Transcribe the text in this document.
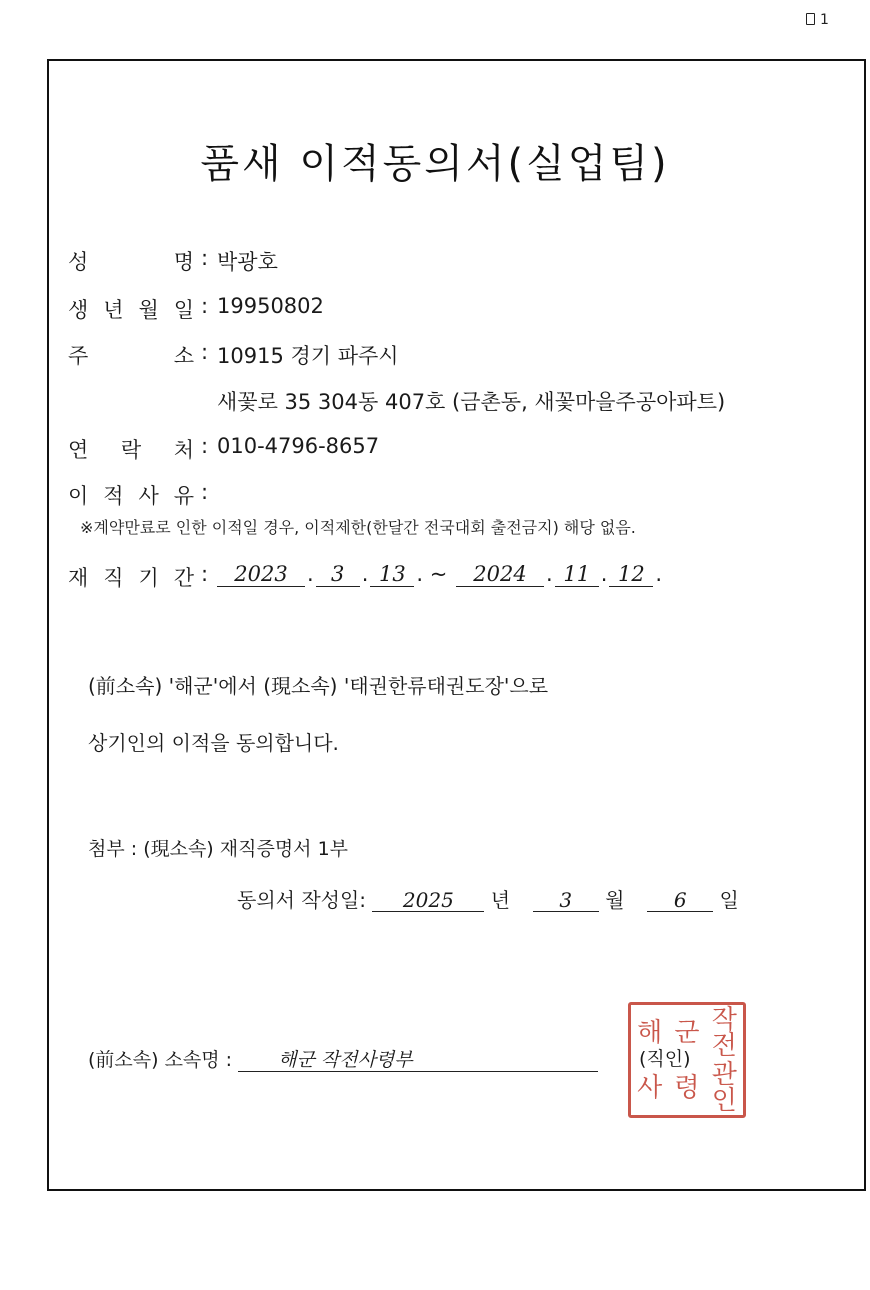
1
품새 이적동의서(실업팀)
성	명 : 박광호
생 년 월 일 : 19950802
주	소 : 10915 경기 파주시
새꽃로 35 304동 407호 (금촌동, 새꽃마을주공아파트)
연 락 처 : 010-4796-8657
이 적 사 유 :
※계약만료로 인한 이적일 경우, 이적제한(한달간 전국대회 출전금지) 해당 없음.
재 직 기 간 :	2023 . 3 . 13 . ~ 2024 . 11 . 12 .
(前소속) '해군'에서 (現소속) '태권한류태권도장'으로
상기인의 이적을 동의합니다.
첨부 : (現소속) 재직증명서 1부
동의서 작성일: 2025 년 3 월 6 일
(前소속) 소속명 : 해군 작전사령부
해 군 작전
사 령 관인
(직인)
